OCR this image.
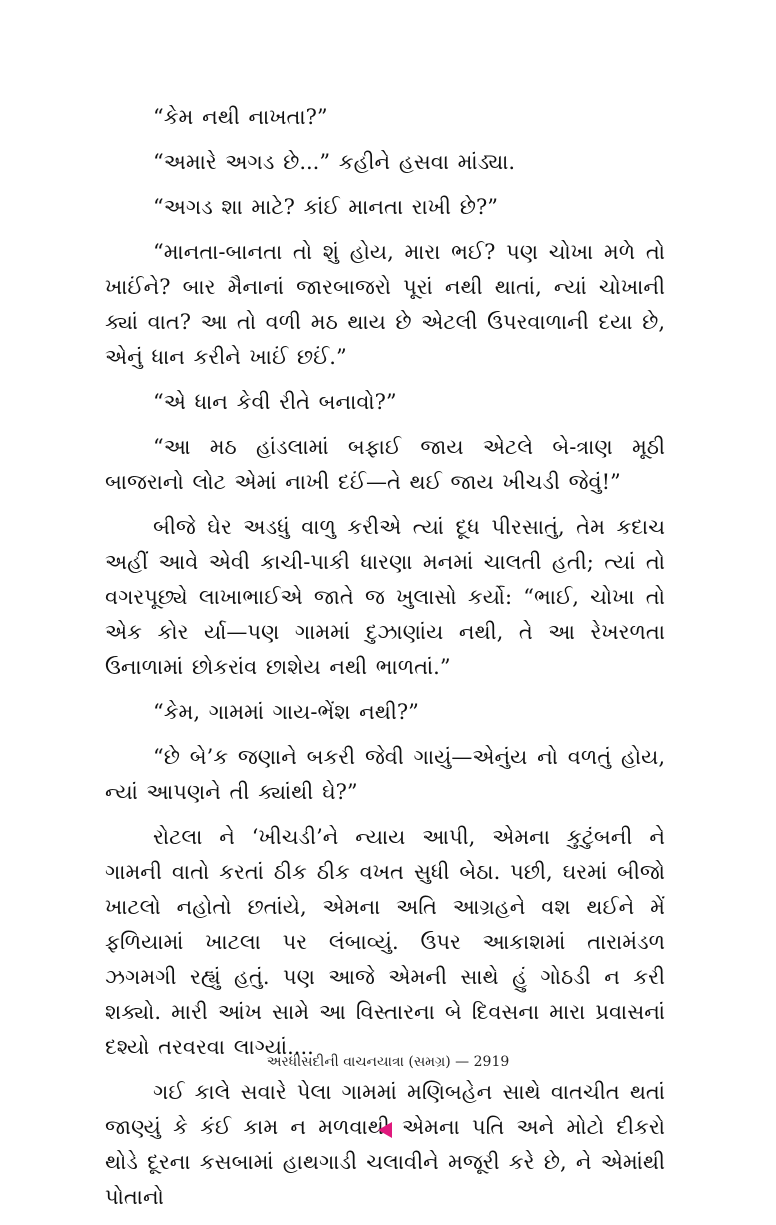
“કેમ નથી નાખતા?”

“અમારે અગડ છે...” કહીને હસવા માંડ્યા.

“અગડ શા માટે? કાંઈ માનતા રાખી છે?”

“માનતા-બાનતા તો શું હોય, મારા ભઈ? પણ ચોખા મળે તો ખાઈંને? બાર મૈનાનાં જારબાજરો પૂરાં નથી થાતાં, ન્યાં ચોખાની ક્યાં વાત? આ તો વળી મઠ થાય છે એટલી ઉપરવાળાની દયા છે, એનું ધાન કરીને ખાઈં છઈં.”

“એ ધાન કેવી રીતે બનાવો?”

“આ મઠ હાંડલામાં બફાઈ જાય એટલે બે-ત્રાણ મૂઠી બાજરાનો લોટ એમાં નાખી દઈં—તે થઈ જાય ખીચડી જેવું!”

બીજે ઘેર અડધું વાળુ કરીએ ત્યાં દૂધ પીરસાતું, તેમ કદાચ અહીં આવે એવી કાચી-પાકી ધારણા મનમાં ચાલતી હતી; ત્યાં તો વગરપૂછ્યે લાખાભાઈએ જાતે જ ખુલાસો કર્યો: “ભાઈ, ચોખા તો એક કોર ર્યા—પણ ગામમાં દુઝાણાંય નથી, તે આ રેખરળતા ઉનાળામાં છોકરાંવ છાશેય નથી ભાળતાં.”

“કેમ, ગામમાં ગાય-ભેંશ નથી?”

“છે બે’ક જણાને બકરી જેવી ગાયું—એનુંય નો વળતું હોય, ન્યાં આપણને તી ક્યાંથી ઘે?”

રોટલા ને ‘ખીચડી’ને ન્યાય આપી, એમના કુટુંબની ને ગામની વાતો કરતાં ઠીક ઠીક વખત સુધી બેઠા. પછી, ઘરમાં બીજો ખાટલો નહોતો છતાંયે, એમના અતિ આગ્રહને વશ થઈને મેં ફળિયામાં ખાટલા પર લંબાવ્યું. ઉપર આકાશમાં તારામંડળ ઝગમગી રહ્યું હતું. પણ આજે એમની સાથે હું ગોઠડી ન કરી શક્યો. મારી આંખ સામે આ વિસ્તારના બે દિવસના મારા પ્રવાસનાં દશ્યો તરવરવા લાગ્યાં....

ગઈ કાલે સવારે પેલા ગામમાં મણિબહેન સાથે વાતચીત થતાં જાણ્યું કે કંઈ કામ ન મળવાથી એમના પતિ અને મોટો દીકરો થોડે દૂરના કસબામાં હાથગાડી ચલાવીને મજૂરી કરે છે, ને એમાંથી પોતાનો

અરધીસદીની વાચનયાત્રા (સમગ્ર) — 2919
